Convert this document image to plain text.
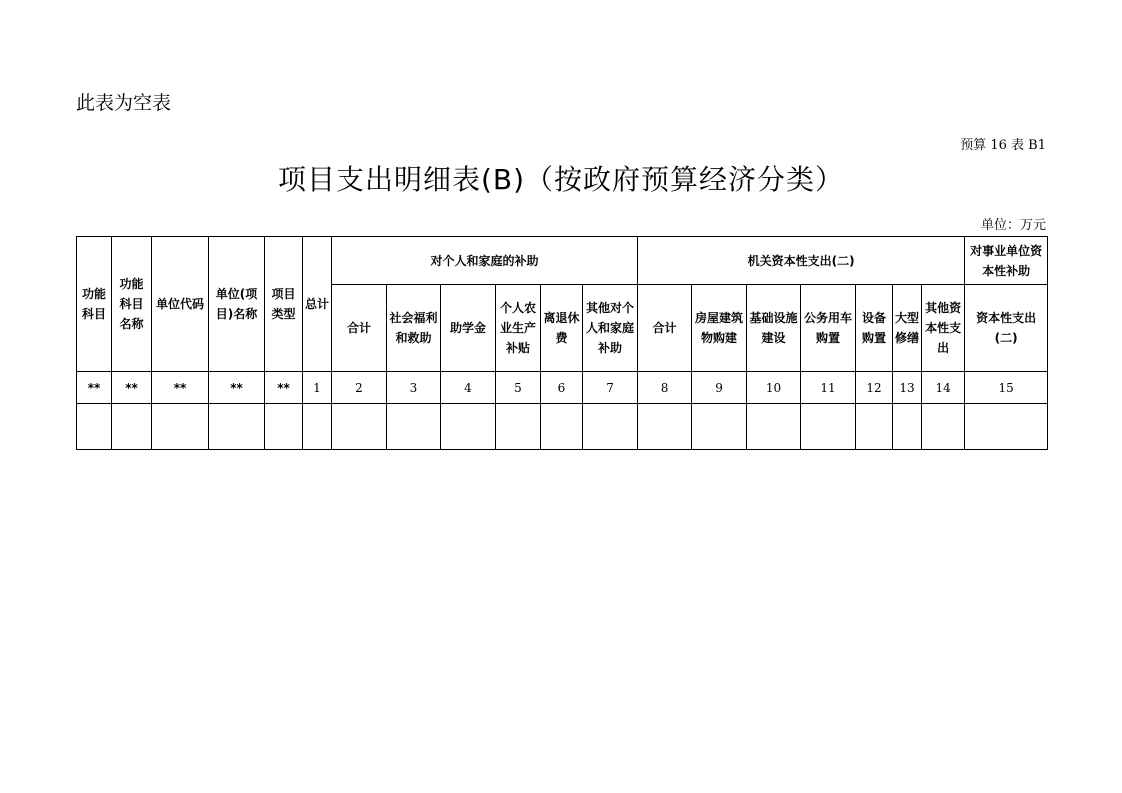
此表为空表
预算 16 表 B1
项目支出明细表(B)（按政府预算经济分类）
单位：万元
功能科目	功能科目名称	单位代码	单位(项目)名称	项目类型	总计	对个人和家庭的补助						机关资本性支出(二)							对事业单位资本性补助
						合计	社会福利和救助	助学金	个人农业生产补贴	离退休费	其他对个人和家庭补助	合计	房屋建筑物购建	基础设施建设	公务用车购置	设备购置	大型修缮	其他资本性支出	资本性支出(二)
**	**	**	**	**	1	2	3	4	5	6	7	8	9	10	11	12	13	14	15
